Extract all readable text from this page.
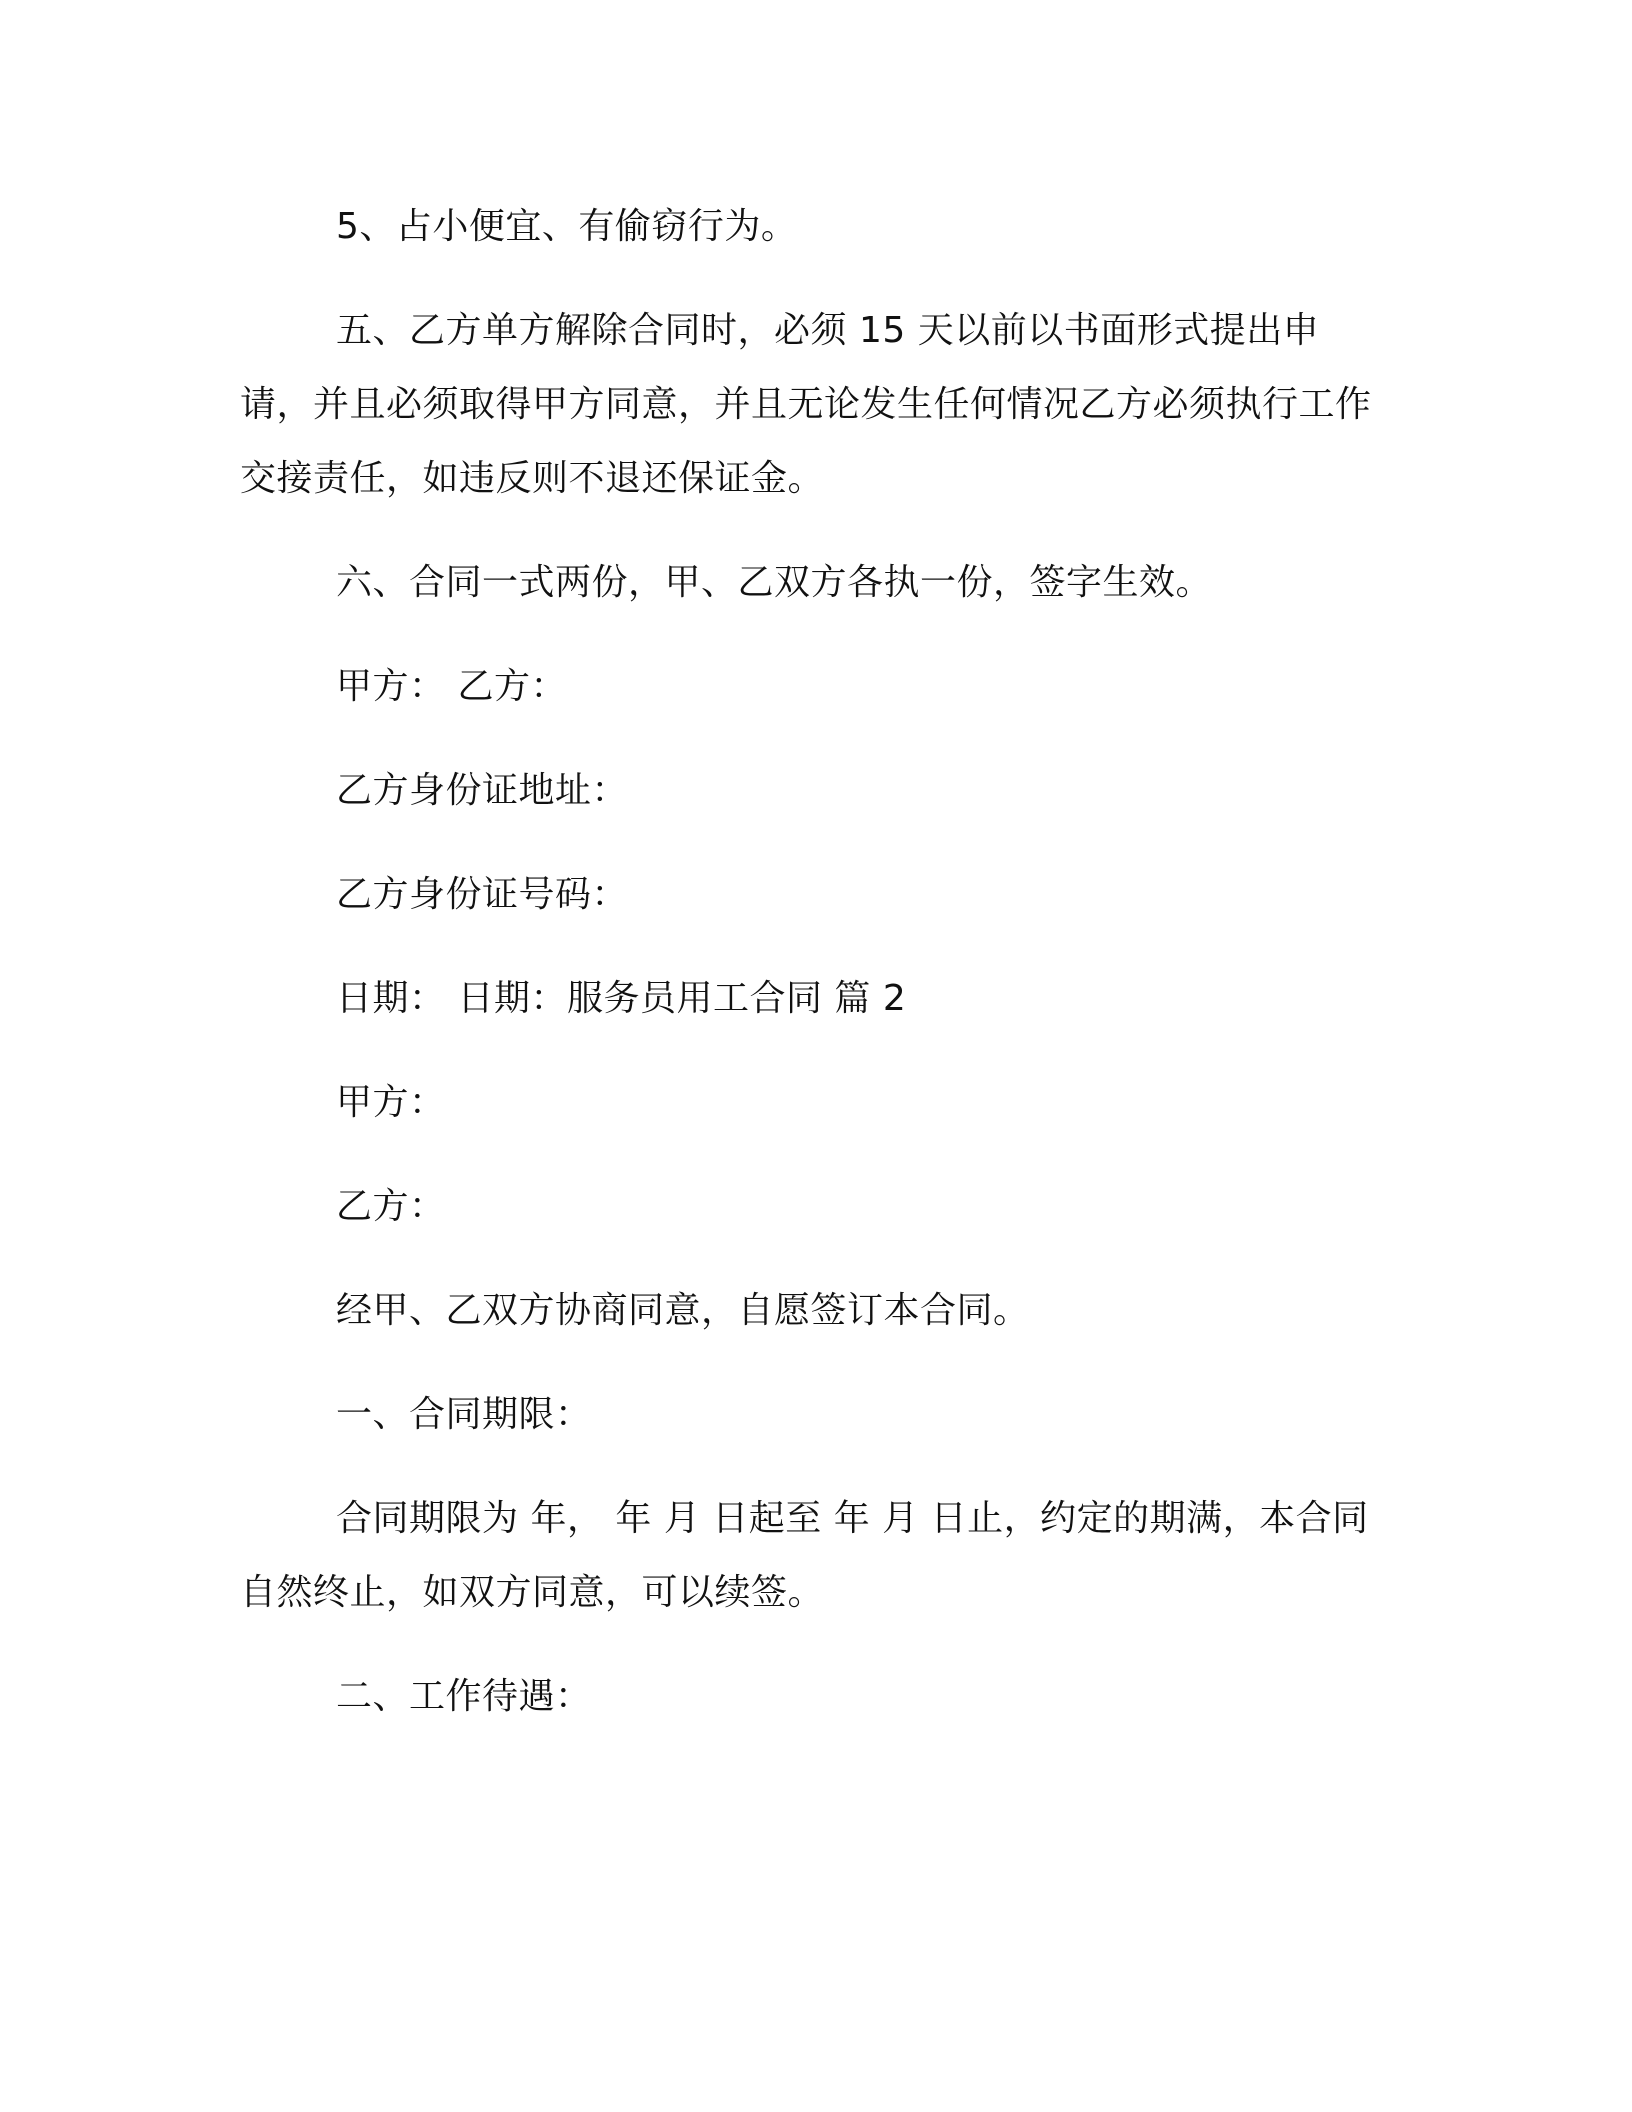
5、占小便宜、有偷窃行为。

五、乙方单方解除合同时，必须 15 天以前以书面形式提出申请，并且必须取得甲方同意，并且无论发生任何情况乙方必须执行工作交接责任，如违反则不退还保证金。

六、合同一式两份，甲、乙双方各执一份，签字生效。

甲方： 乙方：

乙方身份证地址：

乙方身份证号码：

日期： 日期：服务员用工合同 篇 2

甲方：

乙方：

经甲、乙双方协商同意，自愿签订本合同。

一、合同期限：

合同期限为 年， 年 月 日起至 年 月 日止，约定的期满，本合同自然终止，如双方同意，可以续签。

二、工作待遇：
